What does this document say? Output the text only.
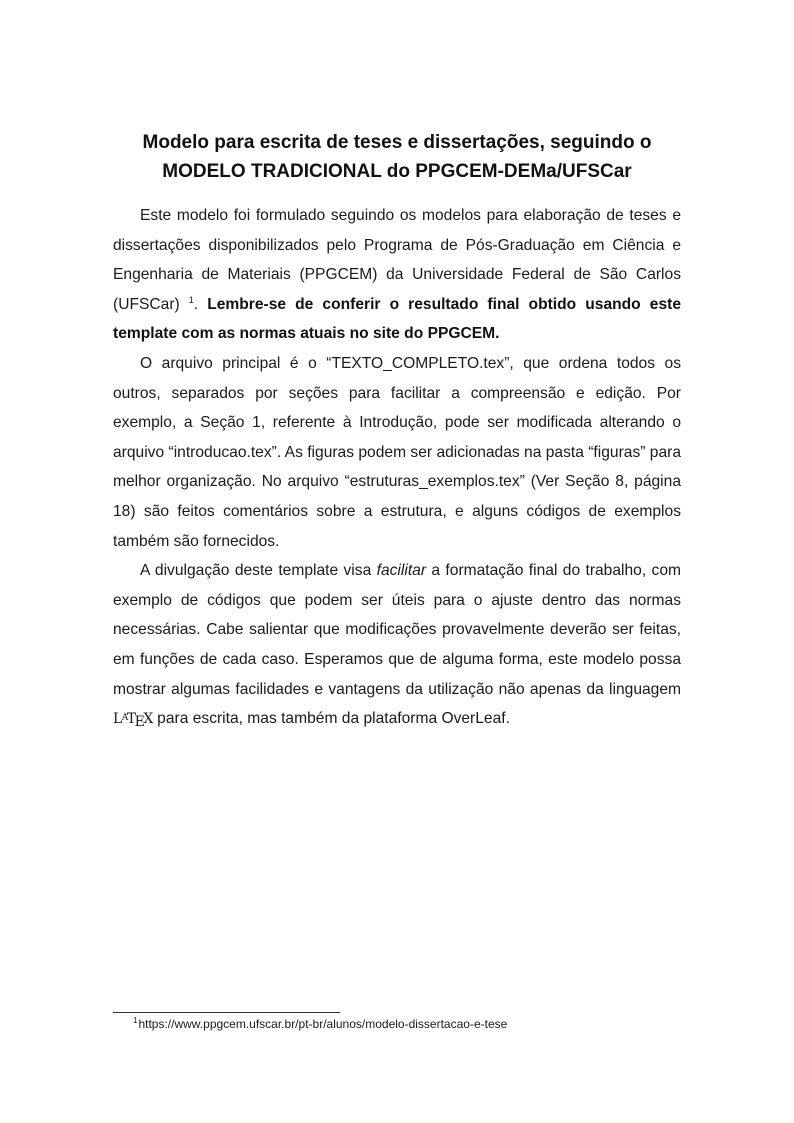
Modelo para escrita de teses e dissertações, seguindo o
MODELO TRADICIONAL do PPGCEM-DEMa/UFSCar

Este modelo foi formulado seguindo os modelos para elaboração de teses e dissertações disponibilizados pelo Programa de Pós-Graduação em Ciência e Engenharia de Materiais (PPGCEM) da Universidade Federal de São Carlos (UFSCar) $^1$. Lembre-se de conferir o resultado final obtido usando este template com as normas atuais no site do PPGCEM.

O arquivo principal é o “TEXTO_COMPLETO.tex”, que ordena todos os outros, separados por seções para facilitar a compreensão e edição. Por exemplo, a Seção 1, referente à Introdução, pode ser modificada alterando o arquivo “introducao.tex”. As figuras podem ser adicionadas na pasta “figuras” para melhor organização. No arquivo “estruturas_exemplos.tex” (Ver Seção 8, página 18) são feitos comentários sobre a estrutura, e alguns códigos de exemplos também são fornecidos.

A divulgação deste template visa facilitar a formatação final do trabalho, com exemplo de códigos que podem ser úteis para o ajuste dentro das normas necessárias. Cabe salientar que modificações provavelmente deverão ser feitas, em funções de cada caso. Esperamos que de alguma forma, este modelo possa mostrar algumas facilidades e vantagens da utilização não apenas da linguagem $L^ATEX$ para escrita, mas também da plataforma OverLeaf.

$^1$https://www.ppgcem.ufscar.br/pt-br/alunos/modelo-dissertacao-e-tese
